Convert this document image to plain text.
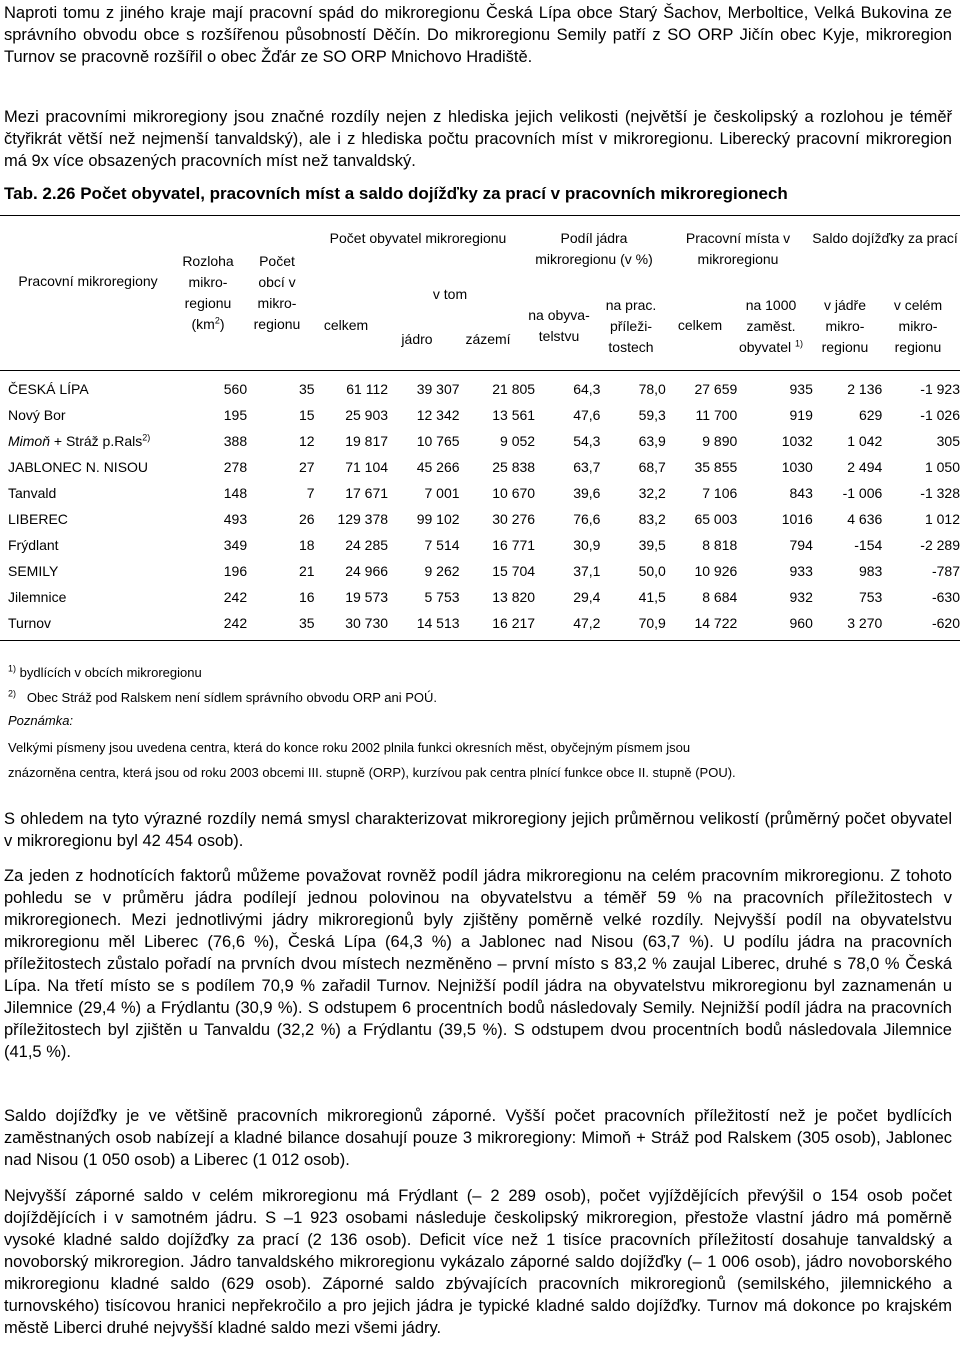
Naproti tomu z jiného kraje mají pracovní spád do mikroregionu Česká Lípa obce Starý Šachov, Merboltice, Velká Bukovina ze správního obvodu obce s rozšířenou působností Děčín. Do mikroregionu Semily patří z SO ORP Jičín obec Kyje, mikroregion Turnov se pracovně rozšířil o obec Žďár ze SO ORP Mnichovo Hradiště.
Mezi pracovními mikroregiony jsou značné rozdíly nejen z hlediska jejich velikosti (největší je českolipský a rozlohou je téměř čtyřikrát větší než nejmenší tanvaldský), ale i z hlediska počtu pracovních míst v mikroregionu. Liberecký pracovní mikroregion má 9x více obsazených pracovních míst než tanvaldský.
Tab. 2.26 Počet obyvatel, pracovních míst a saldo dojížďky za prací v pracovních mikroregionech
Pracovní mikroregiony
Rozloha mikro-regionu
$(km^2)$
Počet obcí v mikro-regionu
Počet obyvatel mikroregionu
v tom
celkem
jádro	zázemí
Podíl jádra mikroregionu (v %)
na obyva-telstvu
na prac. příleži-tostech
Pracovní místa v mikroregionu
celkem
na 1000 zaměst. obyvatel $^{1)}$
Saldo dojížďky za prací
v jádře mikro-regionu
v celém mikro-regionu
ČESKÁ LÍPA	560	35	61 112	39 307	21 805	64,3	78,0	27 659	935	2 136	-1 923
Nový Bor	195	15	25 903	12 342	13 561	47,6	59,3	11 700	919	629	-1 026
Mimoň + Stráž p.Rals$^{2)}$	388	12	19 817	10 765	9 052	54,3	63,9	9 890	1032	1 042	305
JABLONEC N. NISOU	278	27	71 104	45 266	25 838	63,7	68,7	35 855	1030	2 494	1 050
Tanvald	148	7	17 671	7 001	10 670	39,6	32,2	7 106	843	-1 006	-1 328
LIBEREC	493	26	129 378	99 102	30 276	76,6	83,2	65 003	1016	4 636	1 012
Frýdlant	349	18	24 285	7 514	16 771	30,9	39,5	8 818	794	-154	-2 289
SEMILY	196	21	24 966	9 262	15 704	37,1	50,0	10 926	933	983	-787
Jilemnice	242	16	19 573	5 753	13 820	29,4	41,5	8 684	932	753	-630
Turnov	242	35	30 730	14 513	16 217	47,2	70,9	14 722	960	3 270	-620
$^{1)}$ bydlících v obcích mikroregionu
$^{2)}$ Obec Stráž pod Ralskem není sídlem správního obvodu ORP ani POÚ.
Poznámka:
Velkými písmeny jsou uvedena centra, která do konce roku 2002 plnila funkci okresních měst, obyčejným písmem jsou
znázorněna centra, která jsou od roku 2003 obcemi III. stupně (ORP), kurzívou pak centra plnící funkce obce II. stupně (POU).
S ohledem na tyto výrazné rozdíly nemá smysl charakterizovat mikroregiony jejich průměrnou velikostí (průměrný počet obyvatel v mikroregionu byl 42 454 osob).
Za jeden z hodnotících faktorů můžeme považovat rovněž podíl jádra mikroregionu na celém pracovním mikroregionu. Z tohoto pohledu se v průměru jádra podílejí jednou polovinou na obyvatelstvu a téměř 59 % na pracovních příležitostech v mikroregionech. Mezi jednotlivými jádry mikroregionů byly zjištěny poměrně velké rozdíly. Nejvyšší podíl na obyvatelstvu mikroregionu měl Liberec (76,6 %), Česká Lípa (64,3 %) a Jablonec nad Nisou (63,7 %). U podílu jádra na pracovních příležitostech zůstalo pořadí na prvních dvou místech nezměněno – první místo s 83,2 % zaujal Liberec, druhé s 78,0 % Česká Lípa. Na třetí místo se s podílem 70,9 % zařadil Turnov. Nejnižší podíl jádra na obyvatelstvu mikroregionu byl zaznamenán u Jilemnice (29,4 %) a Frýdlantu (30,9 %). S odstupem 6 procentních bodů následovaly Semily. Nejnižší podíl jádra na pracovních příležitostech byl zjištěn u Tanvaldu (32,2 %) a Frýdlantu (39,5 %). S odstupem dvou procentních bodů následovala Jilemnice (41,5 %).
Saldo dojížďky je ve většině pracovních mikroregionů záporné. Vyšší počet pracovních příležitostí než je počet bydlících zaměstnaných osob nabízejí a kladné bilance dosahují pouze 3 mikroregiony: Mimoň + Stráž pod Ralskem (305 osob), Jablonec nad Nisou (1 050 osob) a Liberec (1 012 osob).
Nejvyšší záporné saldo v celém mikroregionu má Frýdlant (– 2 289 osob), počet vyjíždějících převýšil o 154 osob počet dojíždějících i v samotném jádru. S –1 923 osobami následuje českolipský mikroregion, přestože vlastní jádro má poměrně vysoké kladné saldo dojížďky za prací (2 136 osob). Deficit více než 1 tisíce pracovních příležitostí dosahuje tanvaldský a novoborský mikroregion. Jádro tanvaldského mikroregionu vykázalo záporné saldo dojížďky (– 1 006 osob), jádro novoborského mikroregionu kladné saldo (629 osob). Záporné saldo zbývajících pracovních mikroregionů (semilského, jilemnického a turnovského) tisícovou hranici nepřekročilo a pro jejich jádra je typické kladné saldo dojížďky. Turnov má dokonce po krajském městě Liberci druhé nejvyšší kladné saldo mezi všemi jádry.
